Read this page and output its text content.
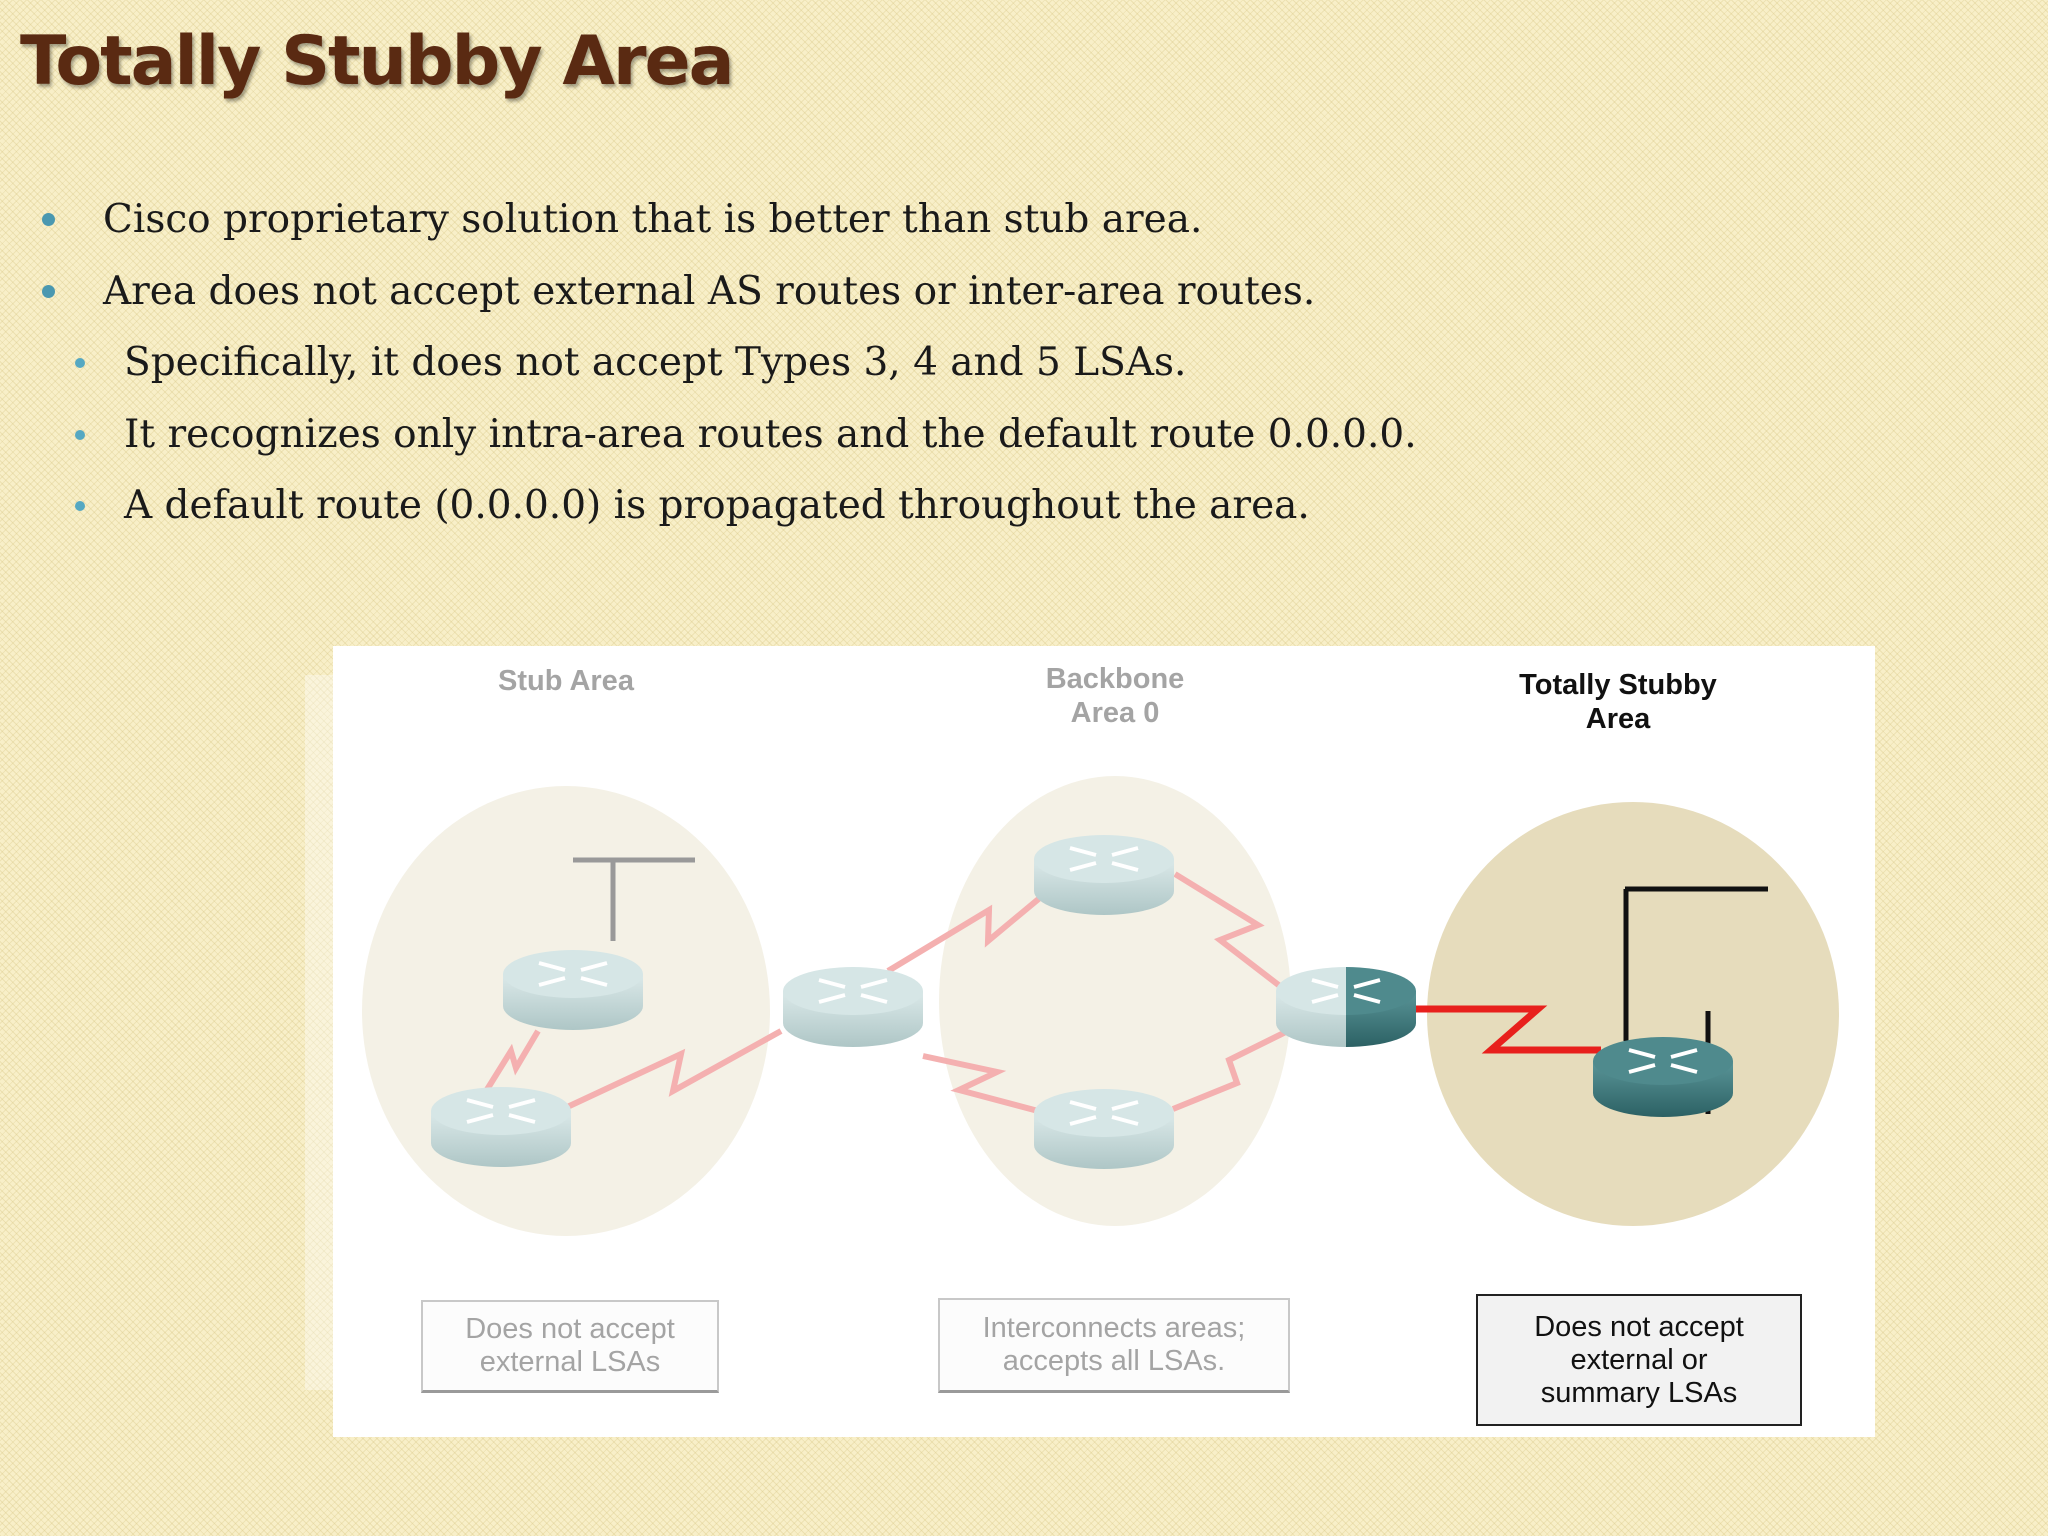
Totally Stubby Area
Cisco proprietary solution that is better than stub area.
Area does not accept external AS routes or inter-area routes.
Specifically, it does not accept Types 3, 4 and 5 LSAs.
It recognizes only intra-area routes and the default route 0.0.0.0.
A default route (0.0.0.0) is propagated throughout the area.
Stub Area	Backbone
Area 0
Totally Stubby
Area
Does not accept
external LSAs
Interconnects areas;
accepts all LSAs.
Does not accept
external or
summary LSAs
